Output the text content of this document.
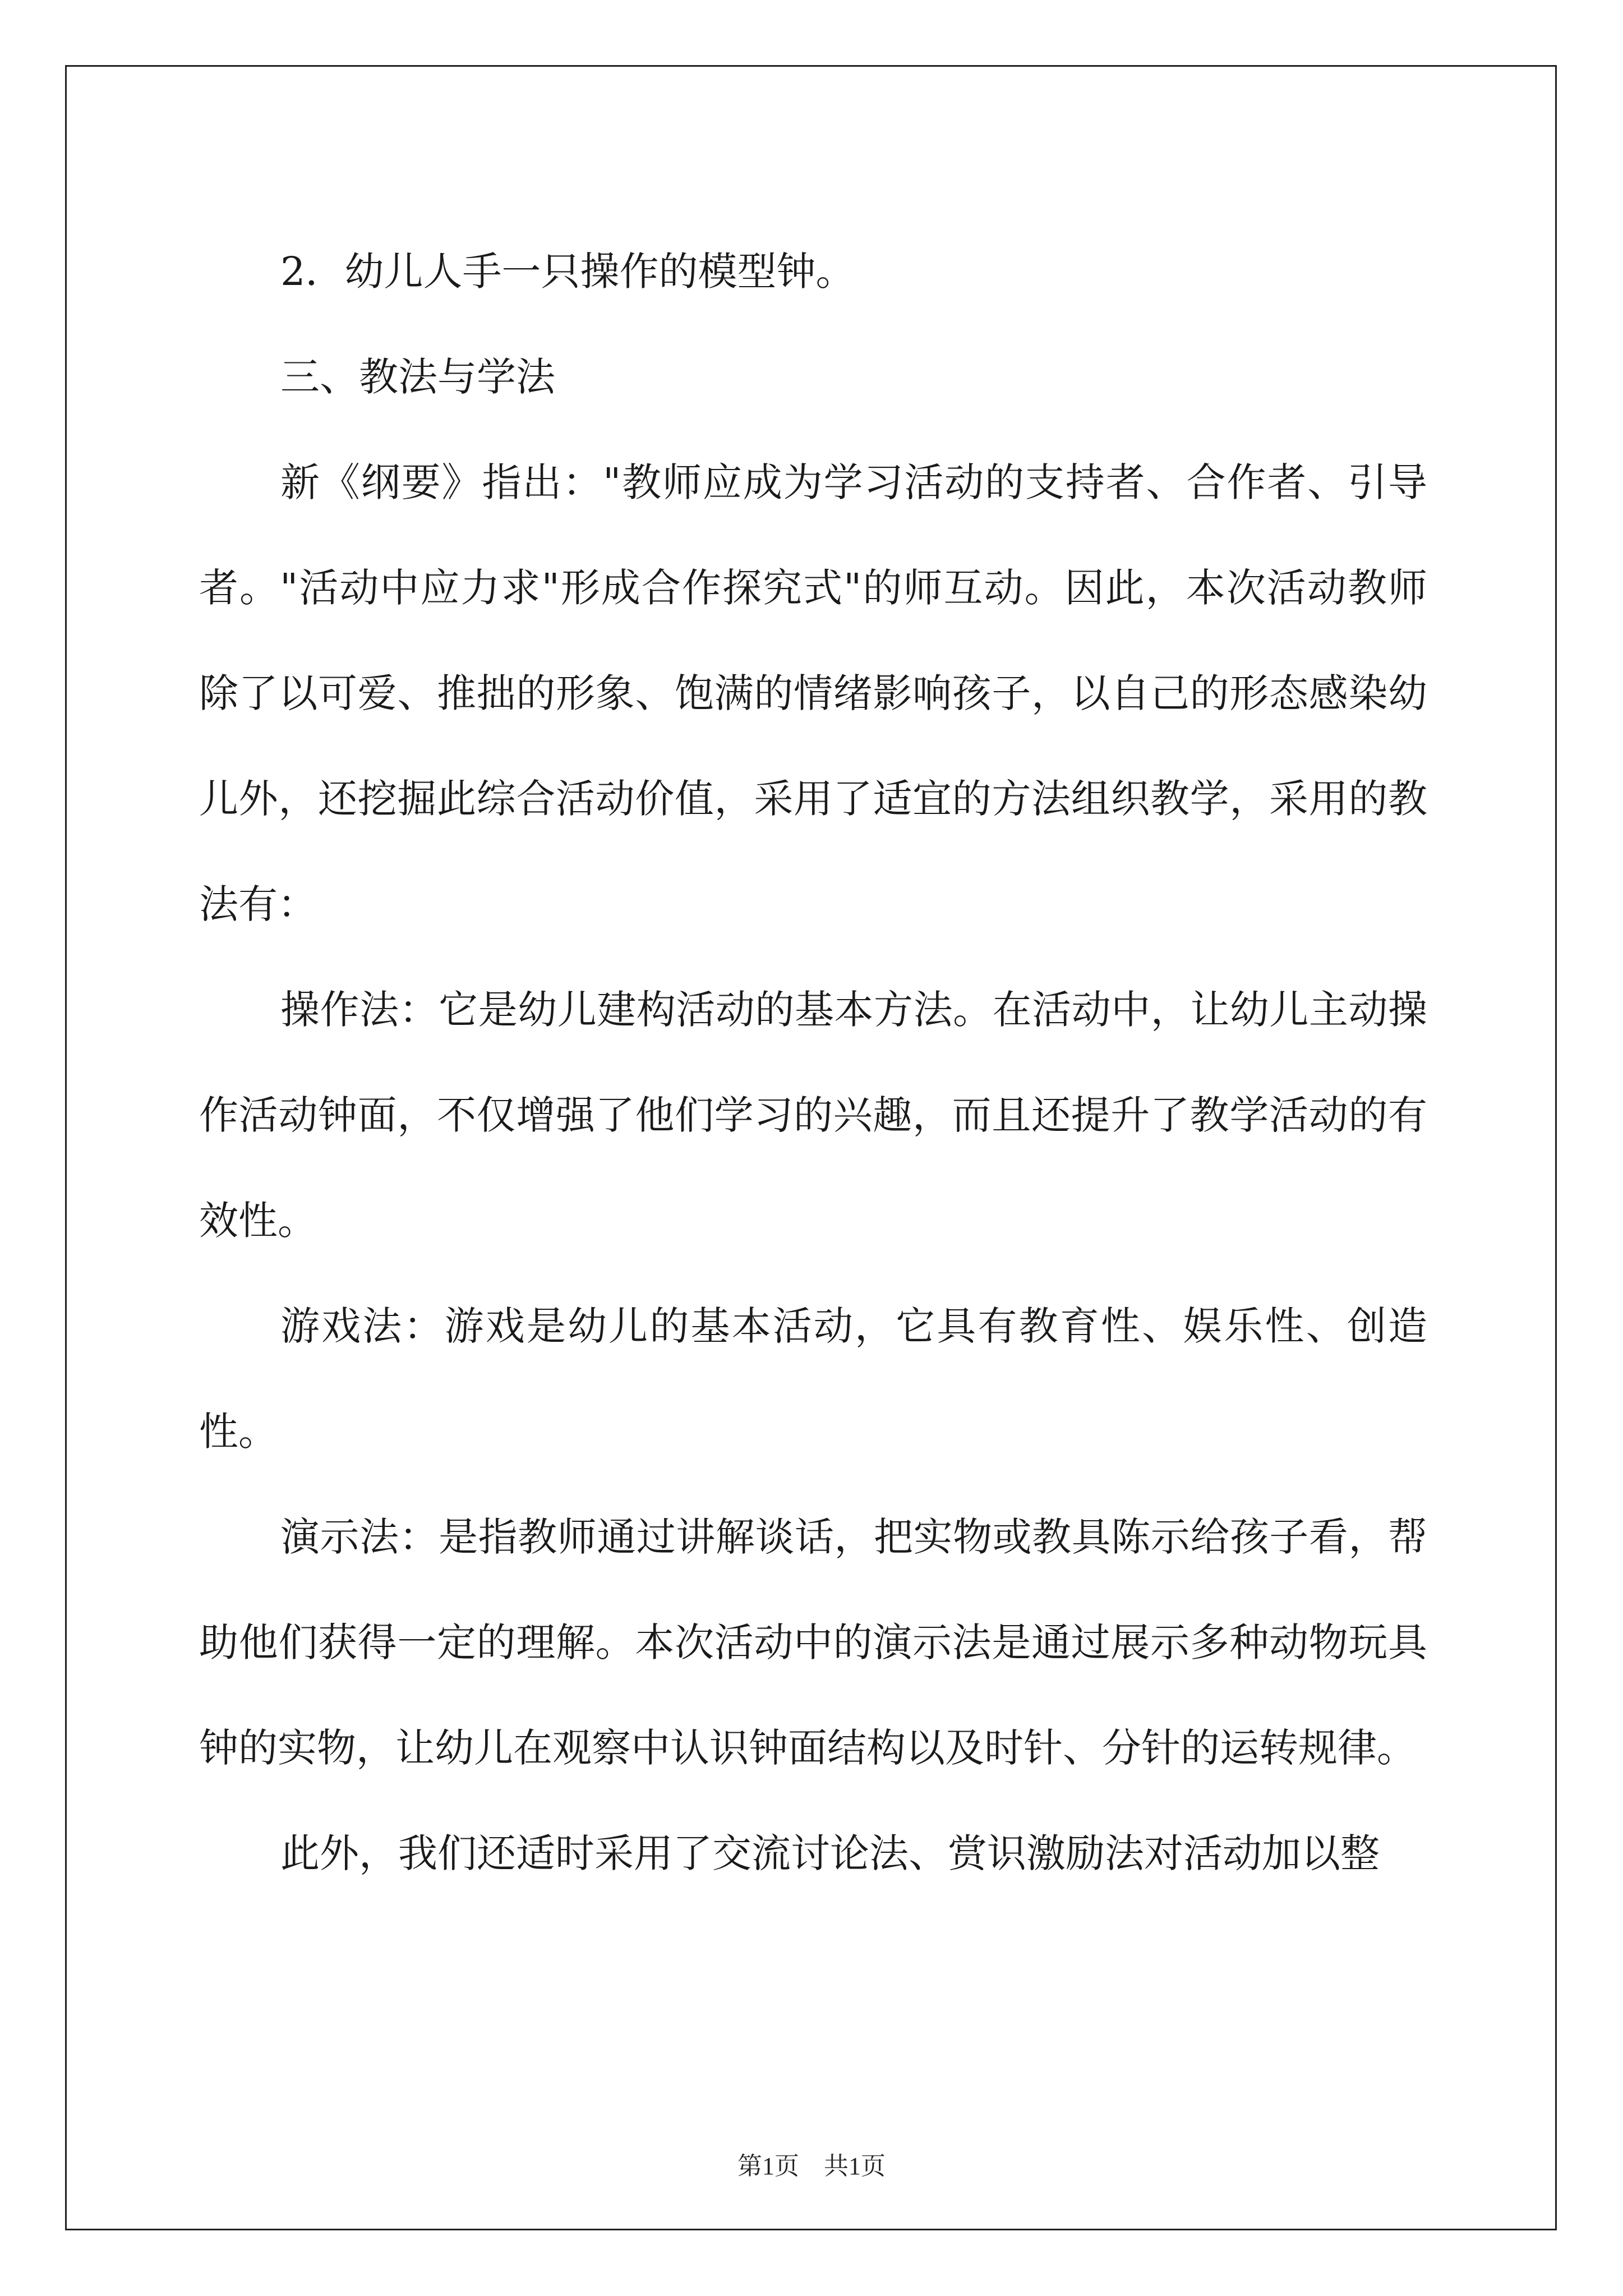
2．幼儿人手一只操作的模型钟。

三、教法与学法

新《纲要》指出："教师应成为学习活动的支持者、合作者、引导者。"活动中应力求"形成合作探究式"的师互动。因此，本次活动教师除了以可爱、推拙的形象、饱满的情绪影响孩子，以自己的形态感染幼儿外，还挖掘此综合活动价值，采用了适宜的方法组织教学，采用的教法有：

操作法：它是幼儿建构活动的基本方法。在活动中，让幼儿主动操作活动钟面，不仅增强了他们学习的兴趣，而且还提升了教学活动的有效性。

游戏法：游戏是幼儿的基本活动，它具有教育性、娱乐性、创造性。

演示法：是指教师通过讲解谈话，把实物或教具陈示给孩子看，帮助他们获得一定的理解。本次活动中的演示法是通过展示多种动物玩具钟的实物，让幼儿在观察中认识钟面结构以及时针、分针的运转规律。

此外，我们还适时采用了交流讨论法、赏识激励法对活动加以整

第1页　共1页
